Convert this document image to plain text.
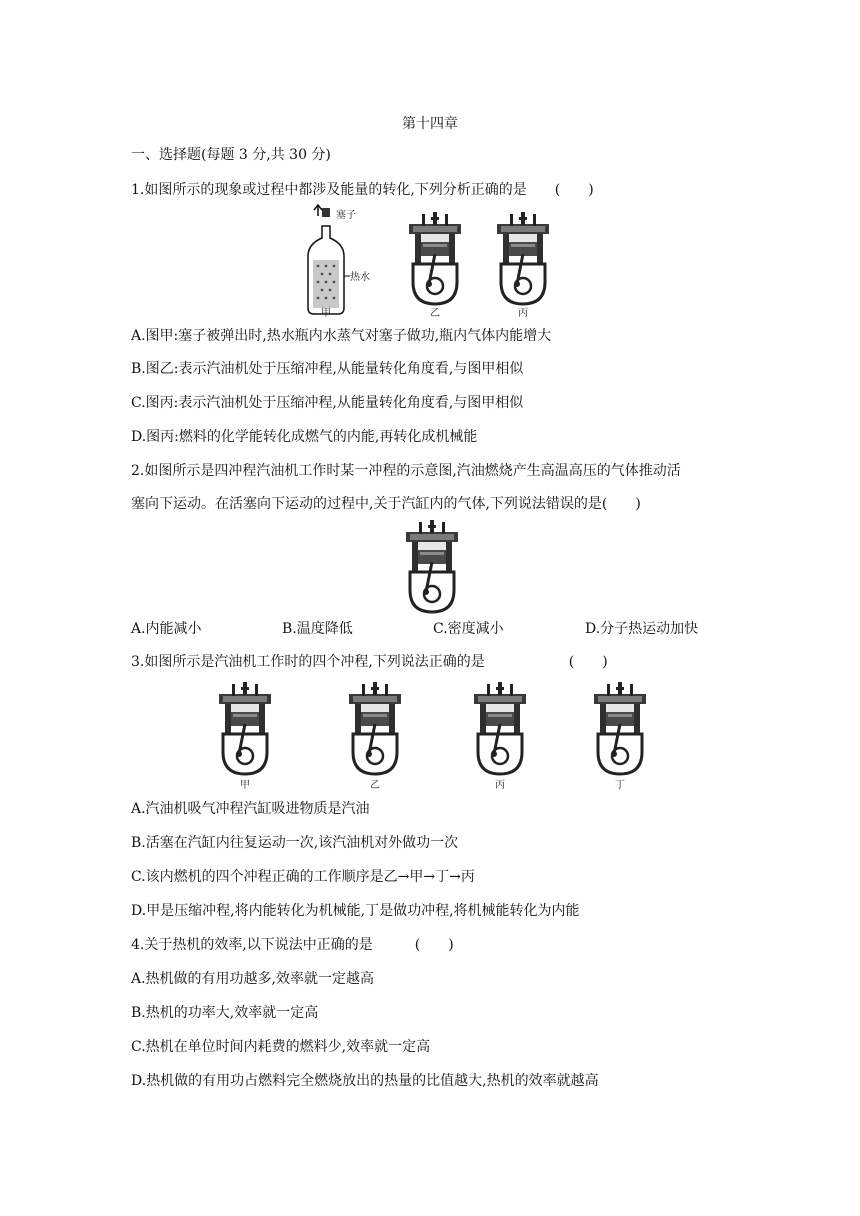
第十四章
一、选择题(每题 3 分,共 30 分)
1.如图所示的现象或过程中都涉及能量的转化,下列分析正确的是　　(　　)
塞子
热水
甲	乙	丙
A.图甲:塞子被弹出时,热水瓶内水蒸气对塞子做功,瓶内气体内能增大
B.图乙:表示汽油机处于压缩冲程,从能量转化角度看,与图甲相似
C.图丙:表示汽油机处于压缩冲程,从能量转化角度看,与图甲相似
D.图丙:燃料的化学能转化成燃气的内能,再转化成机械能
2.如图所示是四冲程汽油机工作时某一冲程的示意图,汽油燃烧产生高温高压的气体推动活
塞向下运动。在活塞向下运动的过程中,关于汽缸内的气体,下列说法错误的是(　　)
A.内能减小	B.温度降低	C.密度减小	D.分子热运动加快
3.如图所示是汽油机工作时的四个冲程,下列说法正确的是　　　　　　(　　)
甲	乙	丙	丁
A.汽油机吸气冲程汽缸吸进物质是汽油
B.活塞在汽缸内往复运动一次,该汽油机对外做功一次
C.该内燃机的四个冲程正确的工作顺序是乙→甲→丁→丙
D.甲是压缩冲程,将内能转化为机械能,丁是做功冲程,将机械能转化为内能
4.关于热机的效率,以下说法中正确的是　　　(　　)
A.热机做的有用功越多,效率就一定越高
B.热机的功率大,效率就一定高
C.热机在单位时间内耗费的燃料少,效率就一定高
D.热机做的有用功占燃料完全燃烧放出的热量的比值越大,热机的效率就越高
